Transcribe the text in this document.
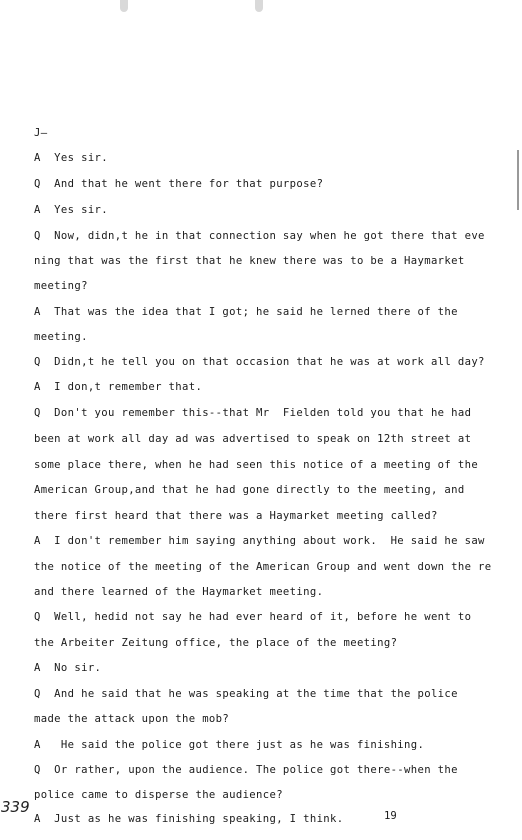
J—
A  Yes sir.
Q  And that he went there for that purpose?
A  Yes sir.
Q  Now, didn,t he in that connection say when he got there that eve
ning that was the first that he knew there was to be a Haymarket
meeting?
A  That was the idea that I got; he said he lerned there of the
meeting.
Q  Didn,t he tell you on that occasion that he was at work all day?
A  I don,t remember that.
Q  Don't you remember this--that Mr  Fielden told you that he had
been at work all day ad was advertised to speak on 12th street at
some place there, when he had seen this notice of a meeting of the
American Group,and that he had gone directly to the meeting, and
there first heard that there was a Haymarket meeting called?
A  I don't remember him saying anything about work.  He said he saw
the notice of the meeting of the American Group and went down the re
and there learned of the Haymarket meeting.
Q  Well, hedid not say he had ever heard of it, before he went to
the Arbeiter Zeitung office, the place of the meeting?
A  No sir.
Q  And he said that he was speaking at the time that the police
made the attack upon the mob?
A   He said the police got there just as he was finishing.
Q  Or rather, upon the audience. The police got there--when the
police came to disperse the audience?
A  Just as he was finishing speaking, I think.
339	19
